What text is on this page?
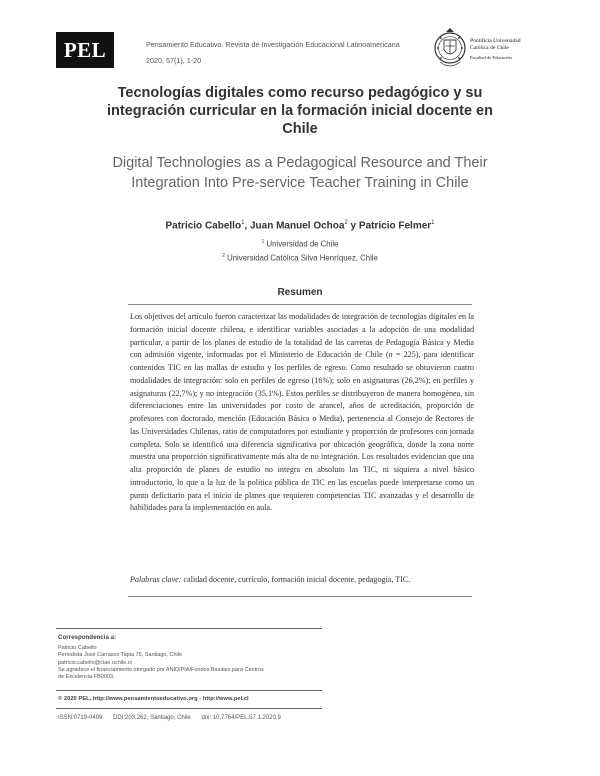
PEL	Pensamiento Educativo. Revista de Investigación Educacional Latinoamericana
2020, 57(1), 1-20
Pontificia Universidad
Católica de Chile
Facultad de Educación
Tecnologías digitales como recurso pedagógico y su integración curricular en la formación inicial docente en Chile
Digital Technologies as a Pedagogical Resource and Their Integration Into Pre-service Teacher Training in Chile
Patricio Cabello$^1$, Juan Manuel Ochoa$^2$ y Patricio Felmer$^1$
$^1$ Universidad de Chile
$^2$ Universidad Católica Silva Henríquez, Chile
Resumen

Los objetivos del artículo fueron caracterizar las modalidades de integración de tecnologías digitales en la formación inicial docente chilena, e identificar variables asociadas a la adopción de una modalidad particular, a partir de los planes de estudio de la totalidad de las carreras de Pedagogía Básica y Media con admisión vigente, informadas por el Ministerio de Educación de Chile (n = 225), para identificar contenidos TIC en las mallas de estudio y los perfiles de egreso. Como resultado se obtuvieron cuatro modalidades de integración: solo en perfiles de egreso (16%); solo en asignaturas (26,2%); en perfiles y asignaturas (22,7%); y no integración (35,1%). Estos perfiles se distribuyeron de manera homogénea, sin diferenciaciones entre las universidades por costo de arancel, años de acreditación, proporción de profesores con doctorado, mención (Educación Básica o Media), pertenencia al Consejo de Rectores de las Universidades Chilenas, ratio de computadores por estudiante y proporción de profesores con jornada completa. Solo se identificó una diferencia significativa por ubicación geográfica, donde la zona norte muestra una proporción significativamente más alta de no integración. Los resultados evidencian que una alta proporción de planes de estudio no integra en absoluto las TIC, ni siquiera a nivel básico introductorio, lo que a la luz de la política pública de TIC en las escuelas puede interpretarse como un punto deficitario para el inicio de planes que requieren competencias TIC avanzadas y el desarrollo de habilidades para la implementación en aula.

Palabras clave: calidad docente, currículo, formación inicial docente, pedagogía, TIC.
Correspondencia a:
Patricio Cabello
Periodista José Carrasco Tapia 75, Santiago, Chile
patricio.cabello@ciae.uchile.cl
Se agradece el financiamiento otorgado por ANID/PIA/Fondos Basales para Centros
de Excelencia FB0003.
© 2020 PEL, http://www.pensamientoeducativo.org - http://www.pel.cl
ISSN:0719-0409 DDI:203.262, Santiago, Chile doi: 10.7764/PEL.57.1.2020.9
